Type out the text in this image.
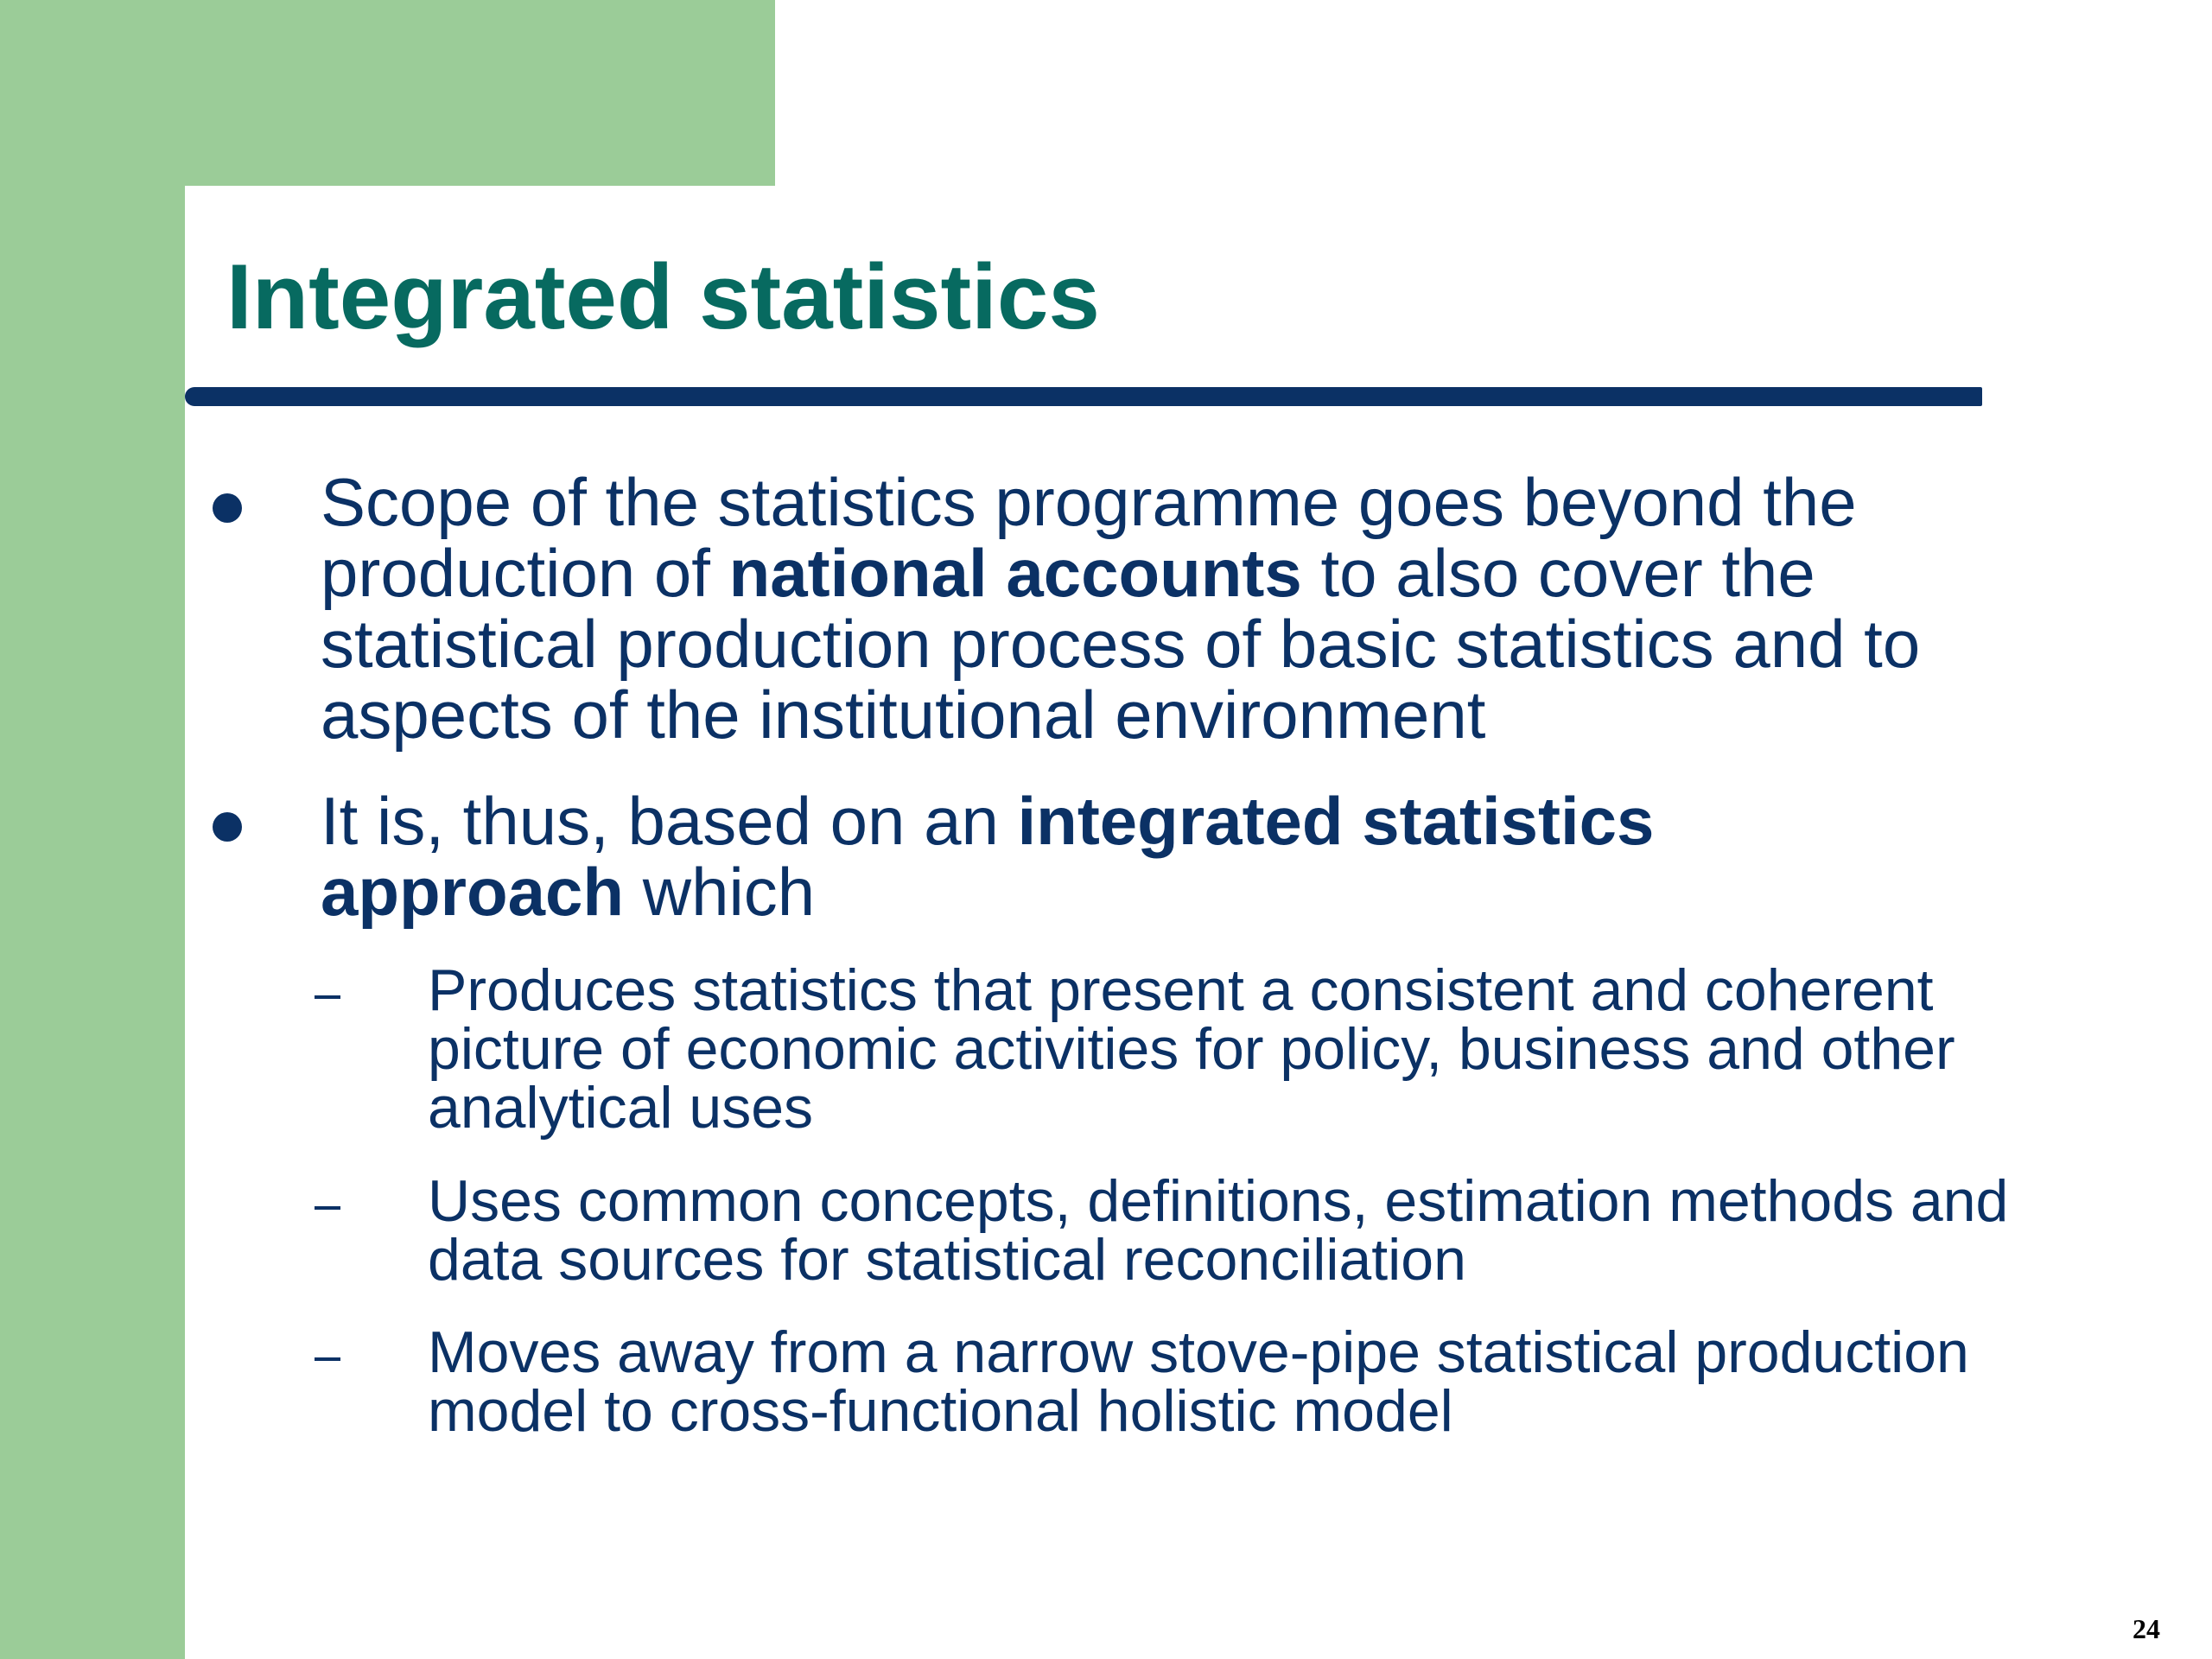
Integrated statistics
Scope of the statistics programme goes beyond the
production of national accounts to also cover the
statistical production process of basic statistics and to
aspects of the institutional environment
It is, thus, based on an integrated statistics
approach which
Produces statistics that present a consistent and coherent
picture of economic activities for policy, business and other
analytical uses
Uses common concepts, definitions, estimation methods and
data sources for statistical reconciliation
Moves away from a narrow stove-pipe statistical production
model to cross-functional holistic model
24
